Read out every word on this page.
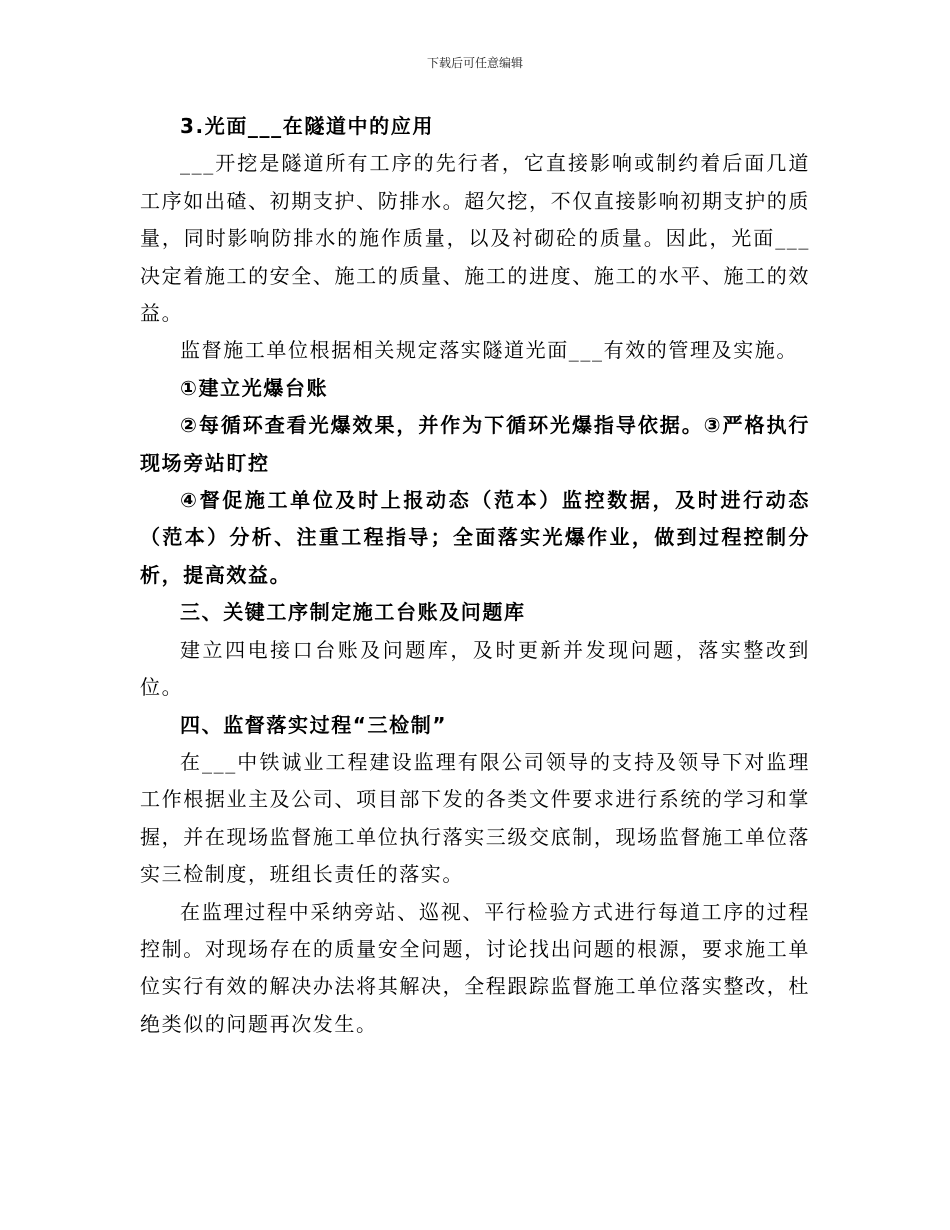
下载后可任意编辑

3.光面___在隧道中的应用

___开挖是隧道所有工序的先行者，它直接影响或制约着后面几道工序如出碴、初期支护、防排水。超欠挖，不仅直接影响初期支护的质量，同时影响防排水的施作质量，以及衬砌砼的质量。因此，光面___决定着施工的安全、施工的质量、施工的进度、施工的水平、施工的效益。

监督施工单位根据相关规定落实隧道光面___有效的管理及实施。

①建立光爆台账

②每循环查看光爆效果，并作为下循环光爆指导依据。③严格执行现场旁站盯控

④督促施工单位及时上报动态（范本）监控数据，及时进行动态（范本）分析、注重工程指导；全面落实光爆作业，做到过程控制分析，提高效益。

三、关键工序制定施工台账及问题库

建立四电接口台账及问题库，及时更新并发现问题，落实整改到位。

四、监督落实过程“三检制”

在___中铁诚业工程建设监理有限公司领导的支持及领导下对监理工作根据业主及公司、项目部下发的各类文件要求进行系统的学习和掌握，并在现场监督施工单位执行落实三级交底制，现场监督施工单位落实三检制度，班组长责任的落实。

在监理过程中采纳旁站、巡视、平行检验方式进行每道工序的过程控制。对现场存在的质量安全问题，讨论找出问题的根源，要求施工单位实行有效的解决办法将其解决，全程跟踪监督施工单位落实整改，杜绝类似的问题再次发生。
